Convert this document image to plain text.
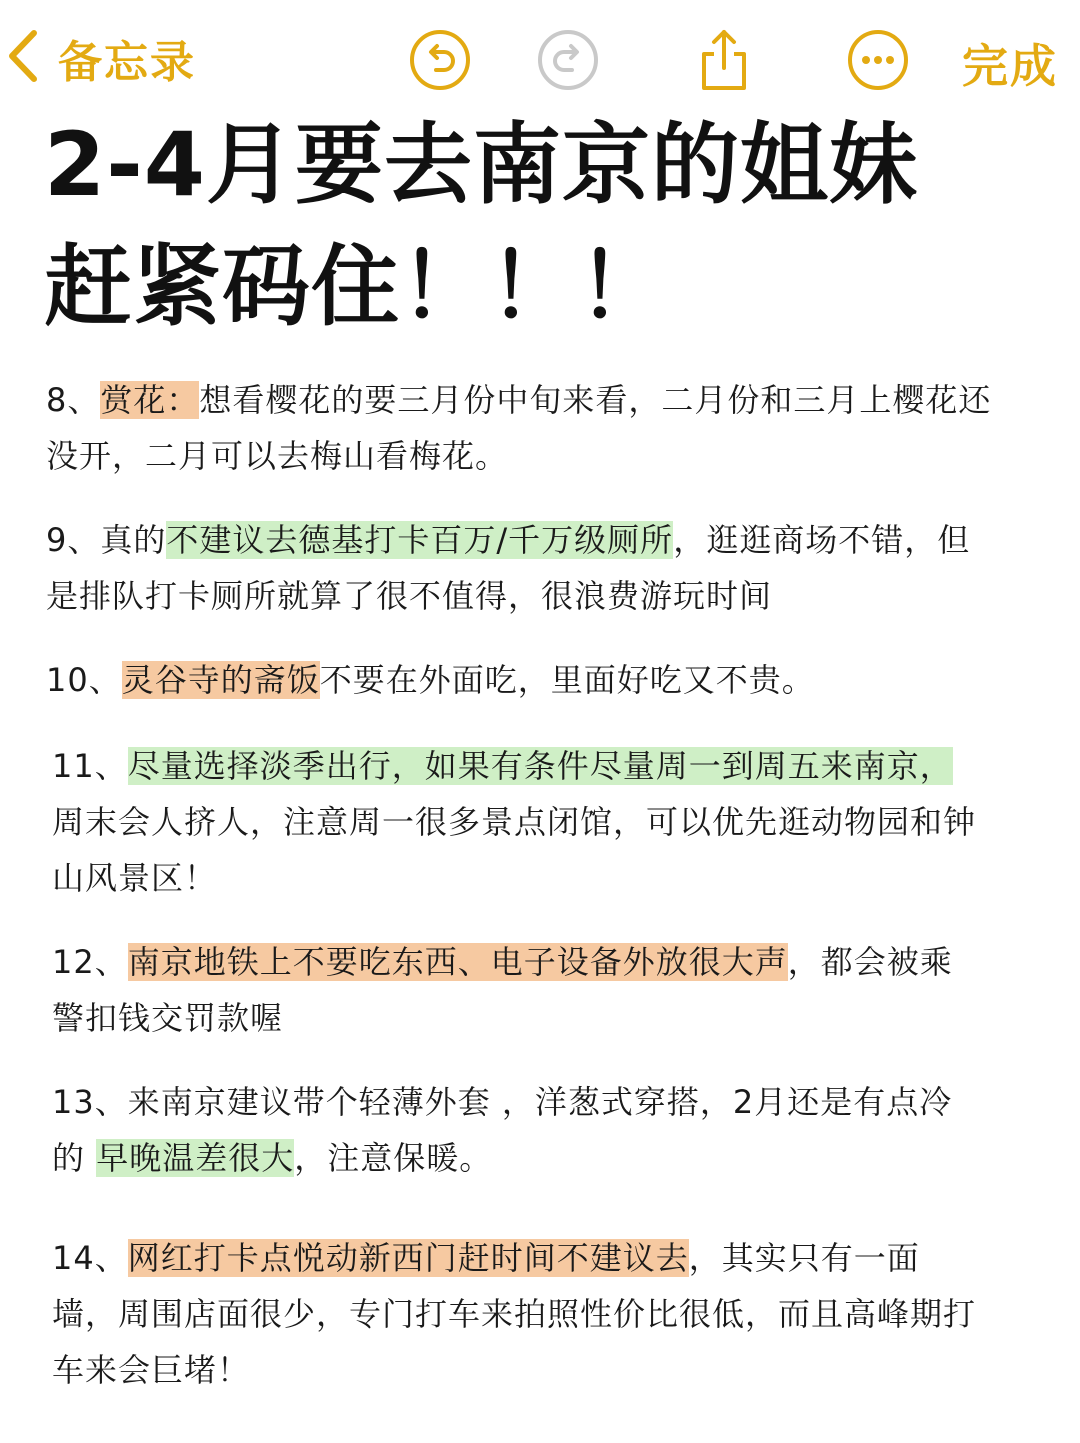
备忘录	完成
2-4月要去南京的姐妹
赶紧码住！！！
8、赏花：想看樱花的要三月份中旬来看，二月份和三月上樱花还
没开，二月可以去梅山看梅花。
9、真的不建议去德基打卡百万/千万级厕所，逛逛商场不错，但
是排队打卡厕所就算了很不值得，很浪费游玩时间
10、灵谷寺的斋饭不要在外面吃，里面好吃又不贵。
11、尽量选择淡季出行，如果有条件尽量周一到周五来南京，
周末会人挤人，注意周一很多景点闭馆，可以优先逛动物园和钟
山风景区！
12、南京地铁上不要吃东西、电子设备外放很大声，都会被乘
警扣钱交罚款喔
13、来南京建议带个轻薄外套 ，洋葱式穿搭，2月还是有点冷
的 早晚温差很大，注意保暖。
14、网红打卡点悦动新西门赶时间不建议去，其实只有一面
墙，周围店面很少，专门打车来拍照性价比很低，而且高峰期打
车来会巨堵！
